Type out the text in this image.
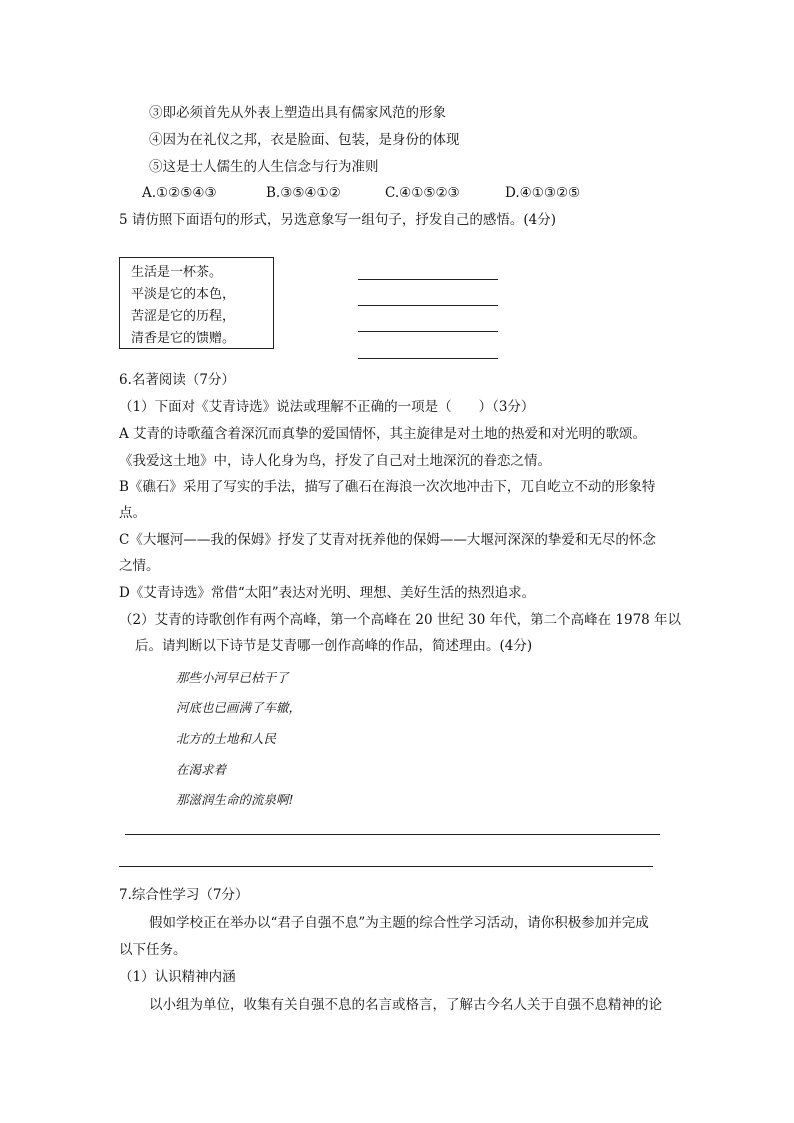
③即必须首先从外表上塑造出具有儒家风范的形象
④因为在礼仪之邦，衣是脸面、包装，是身份的体现
⑤这是士人儒生的人生信念与行为准则
A.①②⑤④③	B.③⑤④①②	C.④①⑤②③	D.④①③②⑤
5 请仿照下面语句的形式，另选意象写一组句子，抒发自己的感悟。(4分)
生活是一杯茶。
平淡是它的本色，
苦涩是它的历程，
清香是它的馈赠。
6.名著阅读（7分）
（1）下面对《艾青诗选》说法或理解不正确的一项是（　　）（3分）
A 艾青的诗歌蕴含着深沉而真挚的爱国情怀，其主旋律是对土地的热爱和对光明的歌颂。
《我爱这土地》中，诗人化身为鸟，抒发了自己对土地深沉的眷恋之情。
B《礁石》采用了写实的手法，描写了礁石在海浪一次次地冲击下，兀自屹立不动的形象特
点。
C《大堰河——我的保姆》抒发了艾青对抚养他的保姆——大堰河深深的挚爱和无尽的怀念
之情。
D《艾青诗选》常借“太阳”表达对光明、理想、美好生活的热烈追求。
（2）艾青的诗歌创作有两个高峰，第一个高峰在 20 世纪 30 年代，第二个高峰在 1978 年以
后。请判断以下诗节是艾青哪一创作高峰的作品，简述理由。(4分)
那些小河早已枯干了
河底也已画满了车辙，
北方的土地和人民
在渴求着
那滋润生命的流泉啊!
7.综合性学习（7分）
假如学校正在举办以“君子自强不息”为主题的综合性学习活动，请你积极参加并完成
以下任务。
（1）认识精神内涵
以小组为单位，收集有关自强不息的名言或格言，了解古今名人关于自强不息精神的论
